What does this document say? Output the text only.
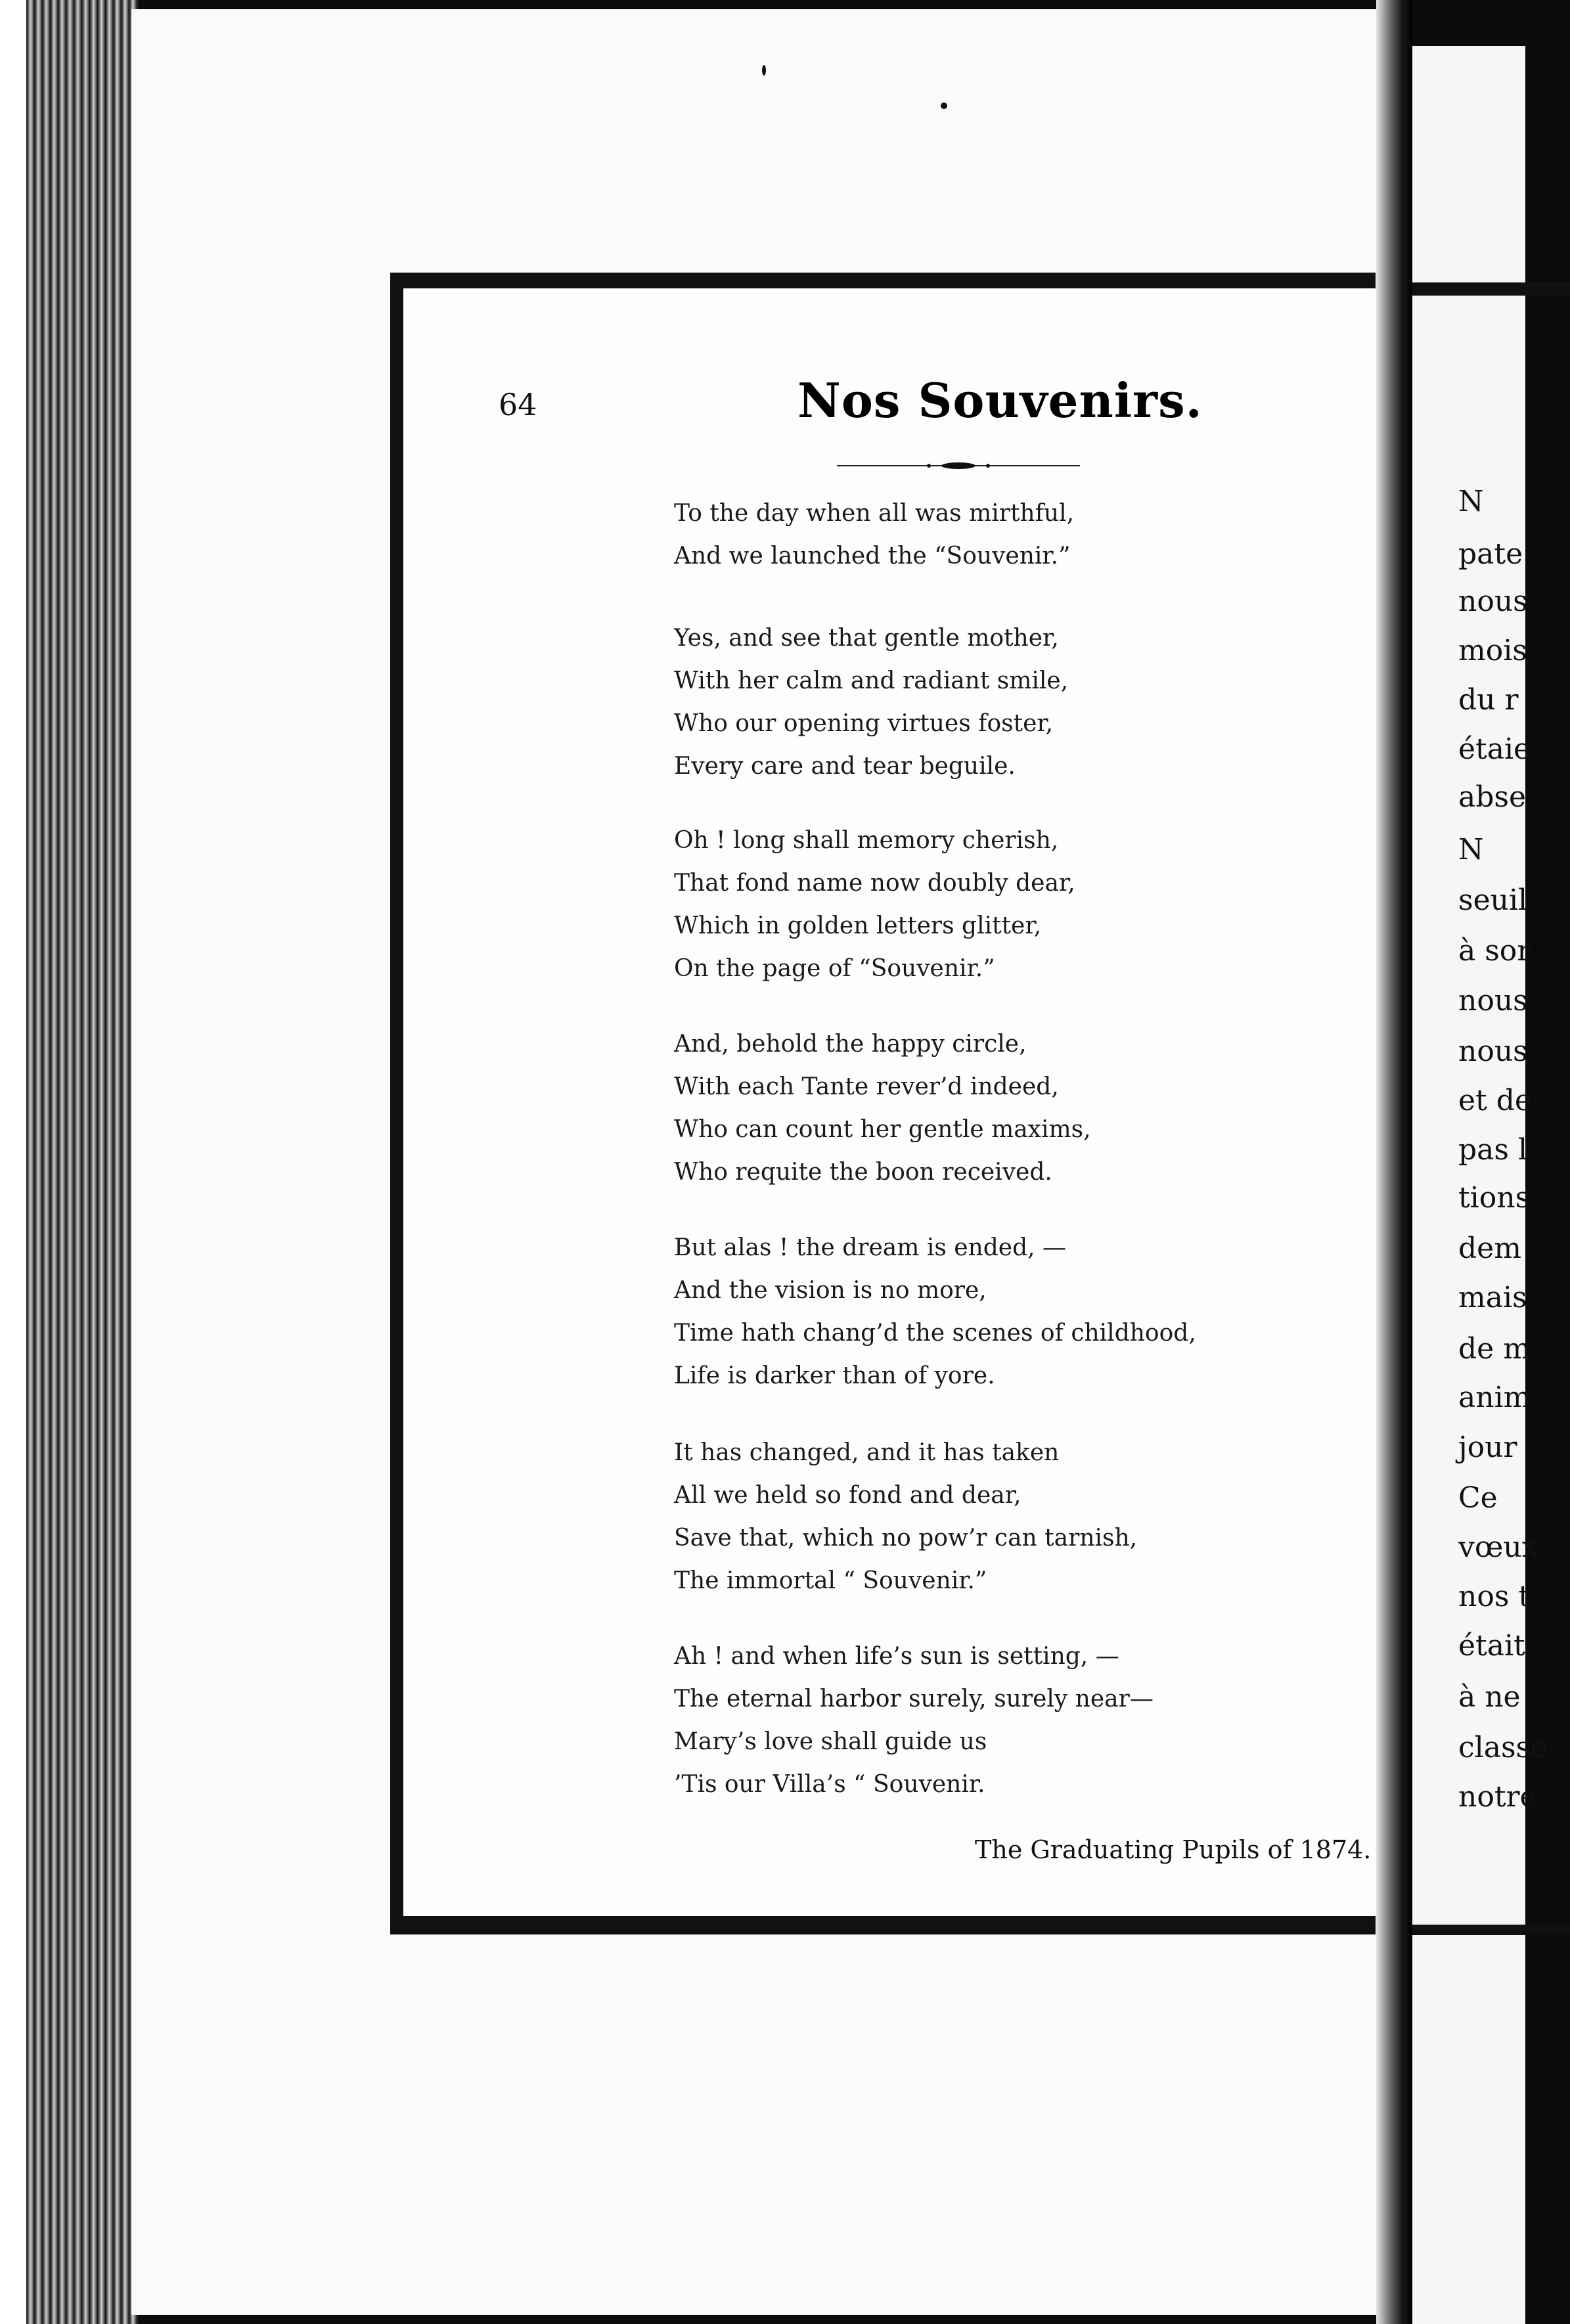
64	Nos Souvenirs.
To the day when all was mirthful,
And we launched the “Souvenir.”
Yes, and see that gentle mother,
With her calm and radiant smile,
Who our opening virtues foster,
Every care and tear beguile.
Oh ! long shall memory cherish,
That fond name now doubly dear,
Which in golden letters glitter,
On the page of “Souvenir.”
And, behold the happy circle,
With each Tante rever’d indeed,
Who can count her gentle maxims,
Who requite the boon received.
But alas ! the dream is ended, —
And the vision is no more,
Time hath chang’d the scenes of childhood,
Life is darker than of yore.
It has changed, and it has taken
All we held so fond and dear,
Save that, which no pow’r can tarnish,
The immortal “ Souvenir.”
Ah ! and when life’s sun is setting, —
The eternal harbor surely, surely near—
Mary’s love shall guide us
’Tis our Villa’s “ Souvenir.
The Graduating Pupils of 1874.
N
pate
nous
mois
du r
étaie
abse
N
seuil
à sor
nous
nous
et de
pas l
tions
dem
mais
de m
anim
jour
Ce
vœux
nos t
était
à ne
classe
notre
